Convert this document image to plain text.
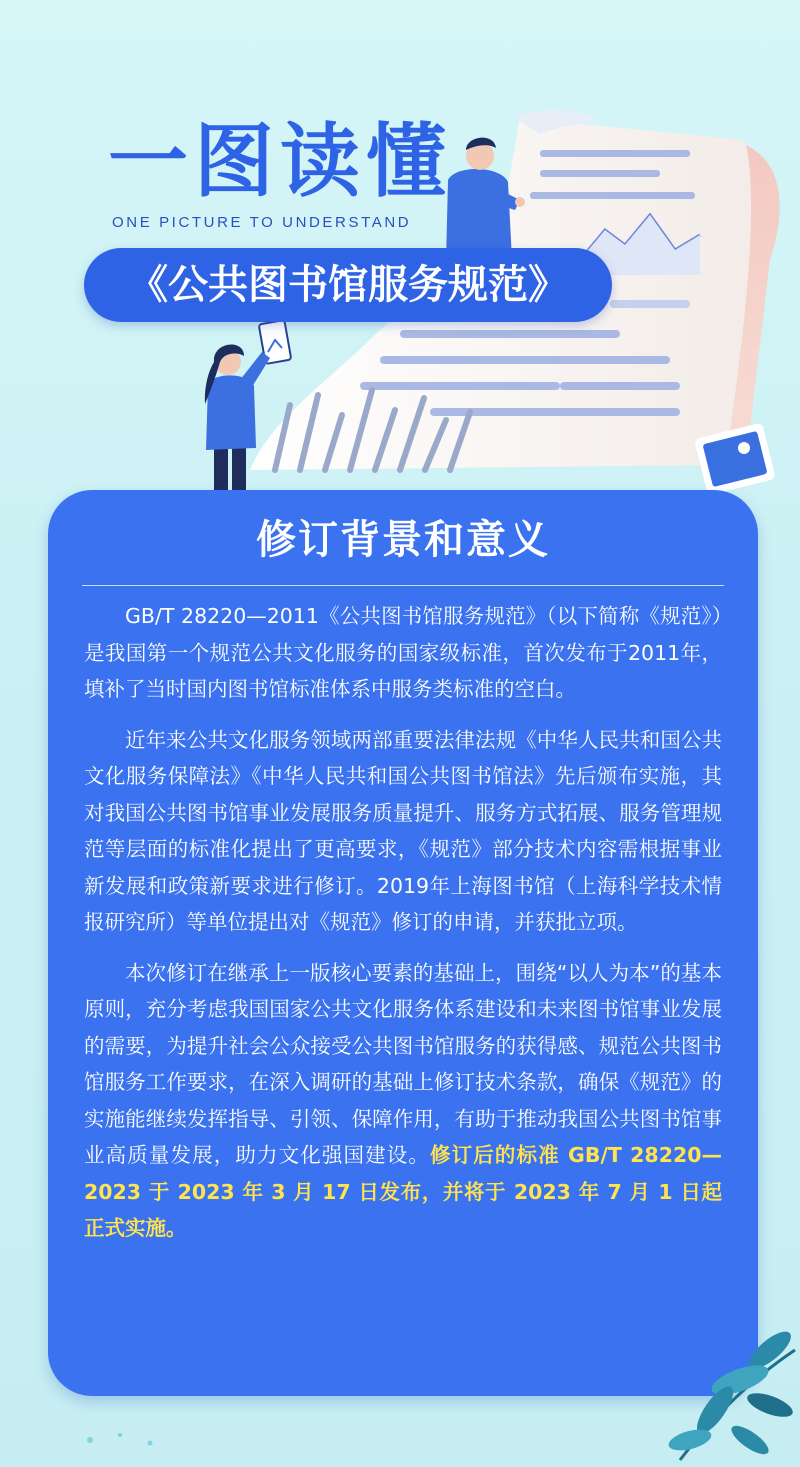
一图读懂

ONE PICTURE TO UNDERSTAND

《公共图书馆服务规范》
修订背景和意义

GB/T 28220—2011《公共图书馆服务规范》（以下简称《规范》）是我国第一个规范公共文化服务的国家级标准，首次发布于2011年，填补了当时国内图书馆标准体系中服务类标准的空白。

近年来公共文化服务领域两部重要法律法规《中华人民共和国公共文化服务保障法》《中华人民共和国公共图书馆法》先后颁布实施，其对我国公共图书馆事业发展服务质量提升、服务方式拓展、服务管理规范等层面的标准化提出了更高要求，《规范》部分技术内容需根据事业新发展和政策新要求进行修订。2019年上海图书馆（上海科学技术情报研究所）等单位提出对《规范》修订的申请，并获批立项。

本次修订在继承上一版核心要素的基础上，围绕“以人为本”的基本原则，充分考虑我国国家公共文化服务体系建设和未来图书馆事业发展的需要，为提升社会公众接受公共图书馆服务的获得感、规范公共图书馆服务工作要求，在深入调研的基础上修订技术条款，确保《规范》的实施能继续发挥指导、引领、保障作用，有助于推动我国公共图书馆事业高质量发展，助力文化强国建设。修订后的标准 GB/T 28220—2023 于 2023 年 3 月 17 日发布，并将于 2023 年 7 月 1 日起正式实施。
